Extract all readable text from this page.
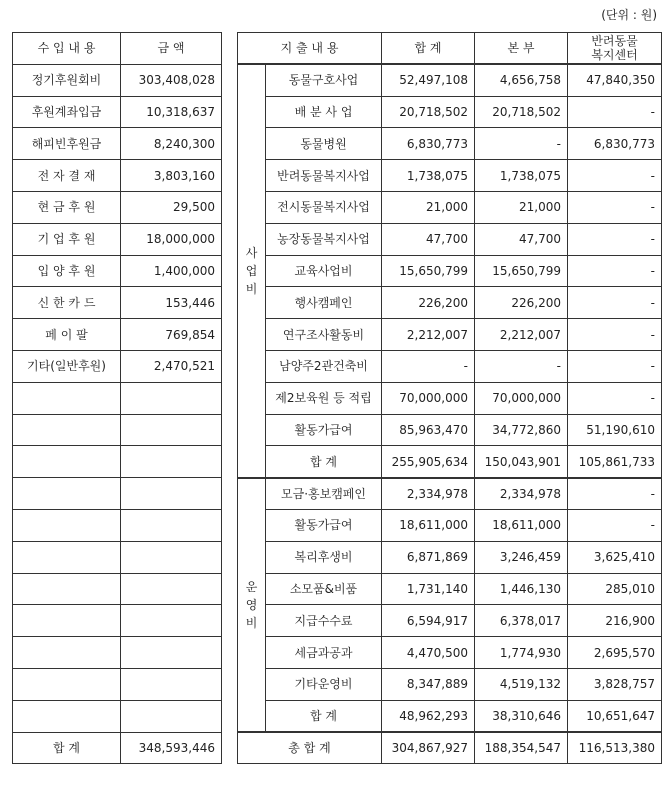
(단위 : 원)
수 입 내 용	금 액
정기후원회비	303,408,028
후원계좌입금	10,318,637
해피빈후원금	8,240,300
전 자 결 재	3,803,160
현 금 후 원	29,500
기 업 후 원	18,000,000
입 양 후 원	1,400,000
신 한 카 드	153,446
페 이 팔	769,854
기타(일반후원)	2,470,521

합 계	348,593,446
지 출 내 용		합 계	본 부	반려동물
복지센터

사업비	동물구호사업	52,497,108	4,656,758	47,840,350
	배 분 사 업	20,718,502	20,718,502	-
	동물병원	6,830,773	-	6,830,773
	반려동물복지사업	1,738,075	1,738,075	-
	전시동물복지사업	21,000	21,000	-
	농장동물복지사업	47,700	47,700	-
	교육사업비	15,650,799	15,650,799	-
	행사캠페인	226,200	226,200	-
	연구조사활동비	2,212,007	2,212,007	-
	남양주2관건축비	-	-	-
	제2보육원 등 적립	70,000,000	70,000,000	-
	활동가급여	85,963,470	34,772,860	51,190,610
	합 계	255,905,634	150,043,901	105,861,733

운영비	모금·홍보캠페인	2,334,978	2,334,978	-
	활동가급여	18,611,000	18,611,000	-
	복리후생비	6,871,869	3,246,459	3,625,410
	소모품&비품	1,731,140	1,446,130	285,010
	지급수수료	6,594,917	6,378,017	216,900
	세금과공과	4,470,500	1,774,930	2,695,570
	기타운영비	8,347,889	4,519,132	3,828,757
	합 계	48,962,293	38,310,646	10,651,647
총 합 계		304,867,927	188,354,547	116,513,380
